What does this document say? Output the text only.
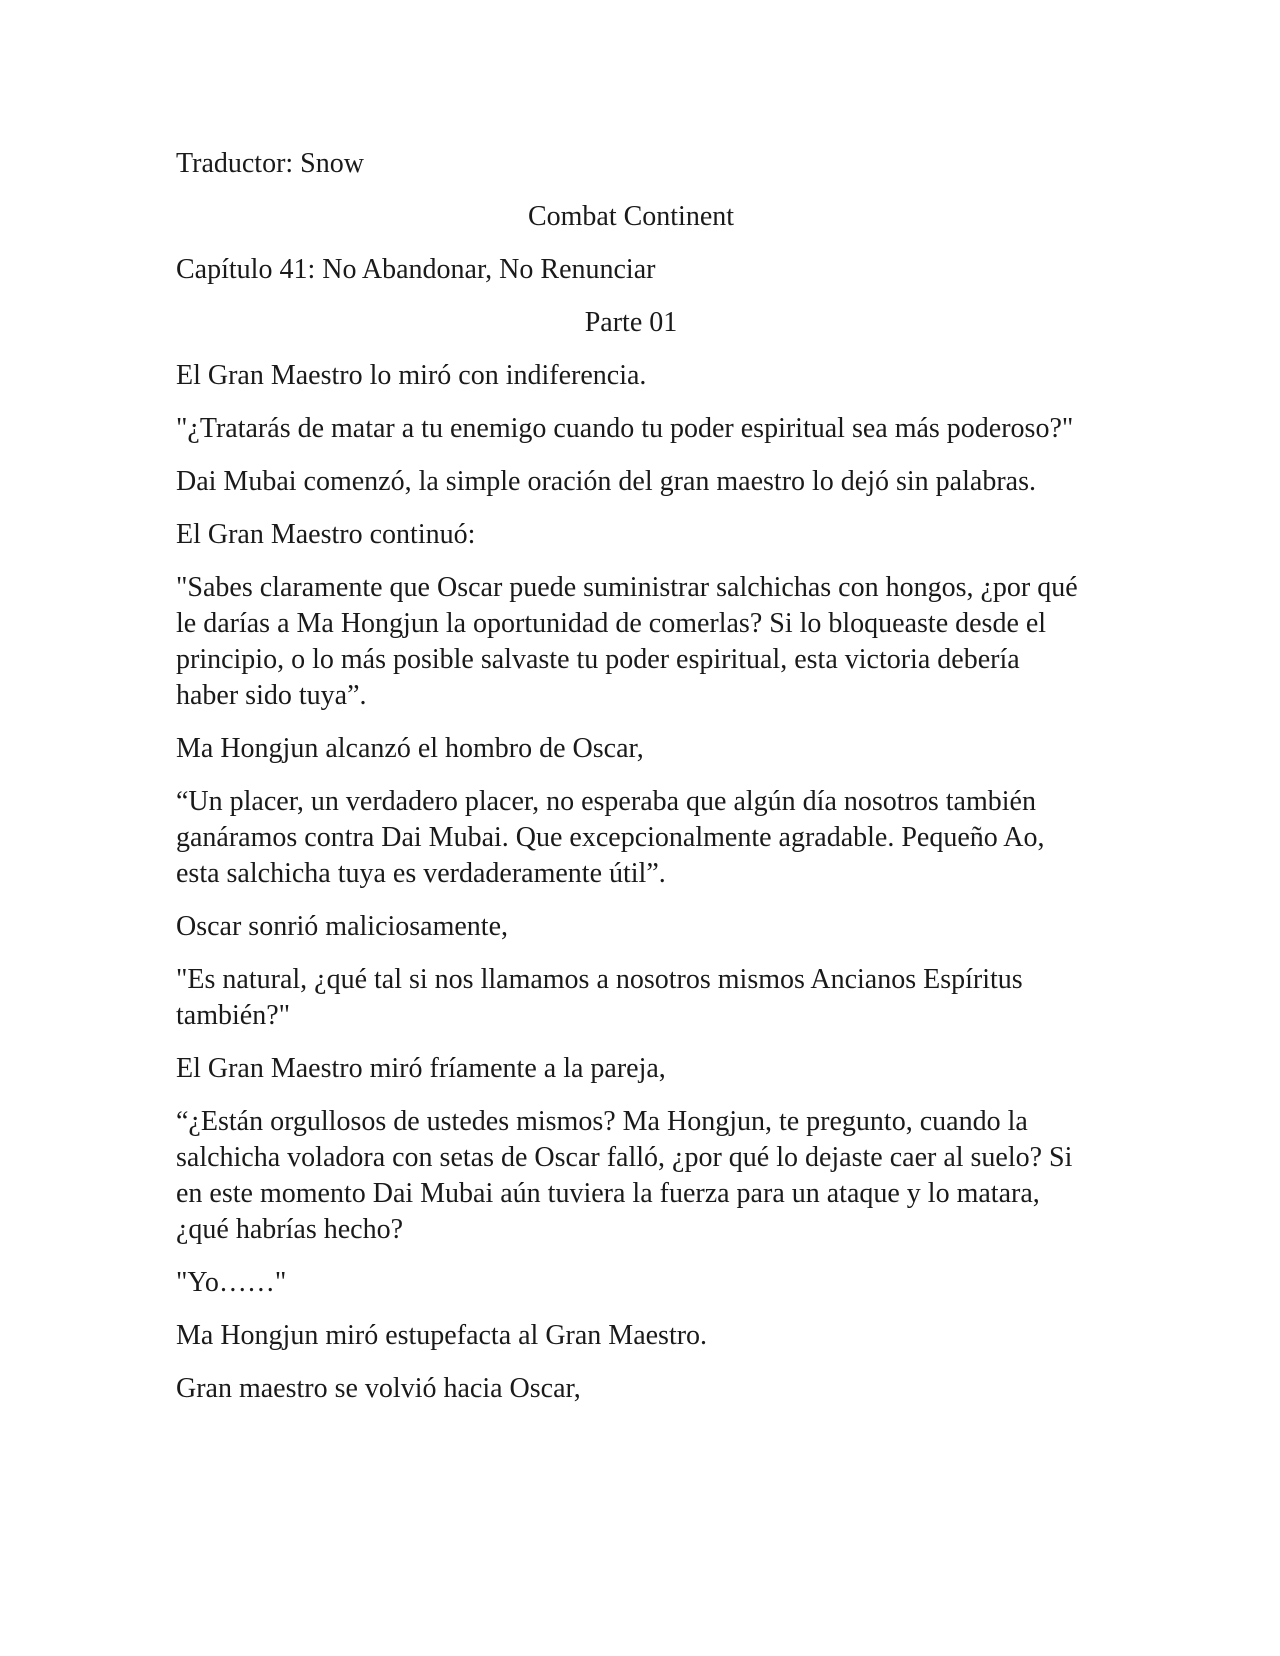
Traductor: Snow

Combat Continent

Capítulo 41: No Abandonar, No Renunciar

Parte 01

El Gran Maestro lo miró con indiferencia.

"¿Tratarás de matar a tu enemigo cuando tu poder espiritual sea más poderoso?"

Dai Mubai comenzó, la simple oración del gran maestro lo dejó sin palabras.

El Gran Maestro continuó:

"Sabes claramente que Oscar puede suministrar salchichas con hongos, ¿por qué le darías a Ma Hongjun la oportunidad de comerlas? Si lo bloqueaste desde el principio, o lo más posible salvaste tu poder espiritual, esta victoria debería haber sido tuya”.

Ma Hongjun alcanzó el hombro de Oscar,

“Un placer, un verdadero placer, no esperaba que algún día nosotros también ganáramos contra Dai Mubai. Que excepcionalmente agradable. Pequeño Ao, esta salchicha tuya es verdaderamente útil”.

Oscar sonrió maliciosamente,

"Es natural, ¿qué tal si nos llamamos a nosotros mismos Ancianos Espíritus también?"

El Gran Maestro miró fríamente a la pareja,

“¿Están orgullosos de ustedes mismos? Ma Hongjun, te pregunto, cuando la salchicha voladora con setas de Oscar falló, ¿por qué lo dejaste caer al suelo? Si en este momento Dai Mubai aún tuviera la fuerza para un ataque y lo matara, ¿qué habrías hecho?

"Yo……"

Ma Hongjun miró estupefacta al Gran Maestro.

Gran maestro se volvió hacia Oscar,
